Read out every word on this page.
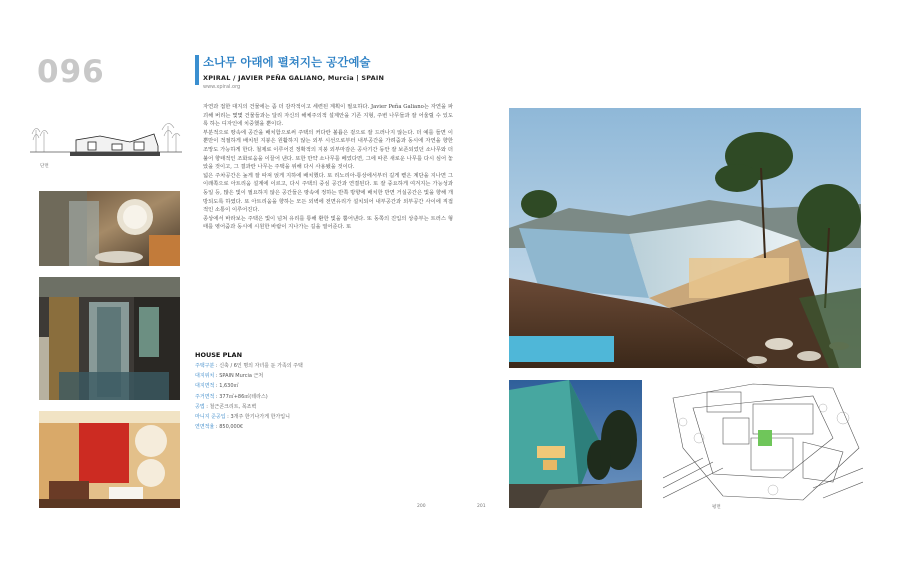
096	소나무 아래에 펼쳐지는 공간예술
XPIRAL / JAVIER PEÑA GALIANO, Murcia | SPAIN
www.xpiral.org
단면

자연과 접한 대지의 건물에는 좀 더 감각적이고 세련된 계획이 필요하다. Javier Peña Galiano는 자연을 파괴해 버리는 몇몇 건물들과는 달리 자신의 해체주의적 설계안을 기존 지형, 주변 나무들과 잘 어울릴 수 있도록 하는 디자인에 치중했을 뿐이다.

부분적으로 땅속에 공간을 배치함으로써 주택의 커다란 볼륨은 겉으로 잘 드러나지 않는다. 더 예를 들면 이 뿐만이 적절하게 배치된 지붕은 원활하지 않는 외부 시선으로부터 내부공간을 가려줌과 동시에 자연을 향한 조망도 가능하게 한다. 철제로 이루어진 정확적의 지붕 외부마감은 공사기간 동안 잘 보존되었던 소나무와 더불어 향태적인 조화로움을 이끌어 낸다. 또한 만약 소나무를 베었다면, 그에 따른 새로운 나무를 다시 심어 놓았을 것이고, 그 결과란 나무는 주택을 위해 다시 사용됐을 것이다.

넓은 주차공간은 높게 잘 따져 얹게 지하에 배치했다. 또 리노리아-통상에서부터 길게 뻗은 계단을 지나면 그 이래쪽으로 아트리움 설계에 이르고, 다시 주택의 중심 공간과 연결된다. 또 잘 중요하게 여겨지는 가능성과 동일 등, 많은 빛이 필요하지 않은 공간들은 땅속에 정하는 반쪽 방향에 배치한 반면 거실공간은 빛을 향해 개방되도록 하였다. 또 아트리움을 향하는 모든 외벽에 전면유리가 설치되어 내부공간과 외부공간 사이에 직접적인 소통이 이루어진다.

종상에서 바라보는 주택은 빛이 넘쳐 유리를 통해 환한 빛을 뿜어낸다. 또 동쪽의 진입의 상층부는 트러스 형태를 엮어줌과 동시에 시원한 바람이 지나가는 길을 열어준다. 또

HOUSE PLAN
주택구분 : 신축 / 6인 명의 자녀를 둔 가족의 주택
대지위치 : SPAIN Murcia 근처
대지면적 : 1,630㎡
주거면적 : 377㎡+86㎡(테라스)
공법 : 철근콘크리트, 목조벽
마니지 준공입 : 3개주 한기나가게 한가입니
연면적율 : 850,000€
200	201	평면
